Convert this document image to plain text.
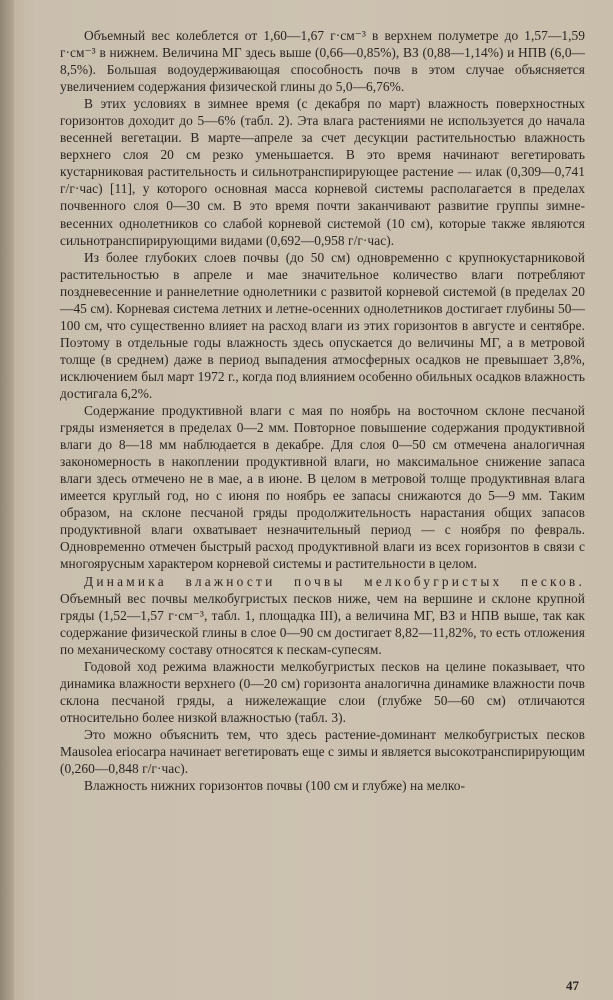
Объемный вес колеблется от 1,60—1,67 г·см⁻³ в верхнем полуметре до 1,57—1,59 г·см⁻³ в нижнем. Величина МГ здесь выше (0,66—0,85%), ВЗ (0,88—1,14%) и НПВ (6,0—8,5%). Большая водоудерживающая способность почв в этом случае объясняется увеличением содержания физической глины до 5,0—6,76%.

В этих условиях в зимнее время (с декабря по март) влажность поверхностных горизонтов доходит до 5—6% (табл. 2). Эта влага растениями не используется до начала весенней вегетации. В марте—апреле за счет десукции растительностью влажность верхнего слоя 20 см резко уменьшается. В это время начинают вегетировать кустарниковая растительность и сильнотранспирирующее растение — илак (0,309—0,741 г/г·час) [11], у которого основная масса корневой системы располагается в пределах почвенного слоя 0—30 см. В это время почти заканчивают развитие группы зимне-весенних однолетников со слабой корневой системой (10 см), которые также являются сильнотранспирирующими видами (0,692—0,958 г/г·час).

Из более глубоких слоев почвы (до 50 см) одновременно с крупнокустарниковой растительностью в апреле и мае значительное количество влаги потребляют поздневесенние и раннелетние однолетники с развитой корневой системой (в пределах 20—45 см). Корневая система летних и летне-осенних однолетников достигает глубины 50—100 см, что существенно влияет на расход влаги из этих горизонтов в августе и сентябре. Поэтому в отдельные годы влажность здесь опускается до величины МГ, а в метровой толще (в среднем) даже в период выпадения атмосферных осадков не превышает 3,8%, исключением был март 1972 г., когда под влиянием особенно обильных осадков влажность достигала 6,2%.

Содержание продуктивной влаги с мая по ноябрь на восточном склоне песчаной гряды изменяется в пределах 0—2 мм. Повторное повышение содержания продуктивной влаги до 8—18 мм наблюдается в декабре. Для слоя 0—50 см отмечена аналогичная закономерность в накоплении продуктивной влаги, но максимальное снижение запаса влаги здесь отмечено не в мае, а в июне. В целом в метровой толще продуктивная влага имеется круглый год, но с июня по ноябрь ее запасы снижаются до 5—9 мм. Таким образом, на склоне песчаной гряды продолжительность нарастания общих запасов продуктивной влаги охватывает незначительный период — с ноября по февраль. Одновременно отмечен быстрый расход продуктивной влаги из всех горизонтов в связи с многоярусным характером корневой системы и растительности в целом.

Динамика влажности почвы мелкобугристых песков. Объемный вес почвы мелкобугристых песков ниже, чем на вершине и склоне крупной гряды (1,52—1,57 г·см⁻³, табл. 1, площадка III), а величина МГ, ВЗ и НПВ выше, так как содержание физической глины в слое 0—90 см достигает 8,82—11,82%, то есть отложения по механическому составу относятся к пескам-супесям.

Годовой ход режима влажности мелкобугристых песков на целине показывает, что динамика влажности верхнего (0—20 см) горизонта аналогична динамике влажности почв склона песчаной гряды, а нижележащие слои (глубже 50—60 см) отличаются относительно более низкой влажностью (табл. 3).

Это можно объяснить тем, что здесь растение-доминант мелкобугристых песков Mausolea eriocarpa начинает вегетировать еще с зимы и является высокотранспирирующим (0,260—0,848 г/г·час).

Влажность нижних горизонтов почвы (100 см и глубже) на мелко-

47
